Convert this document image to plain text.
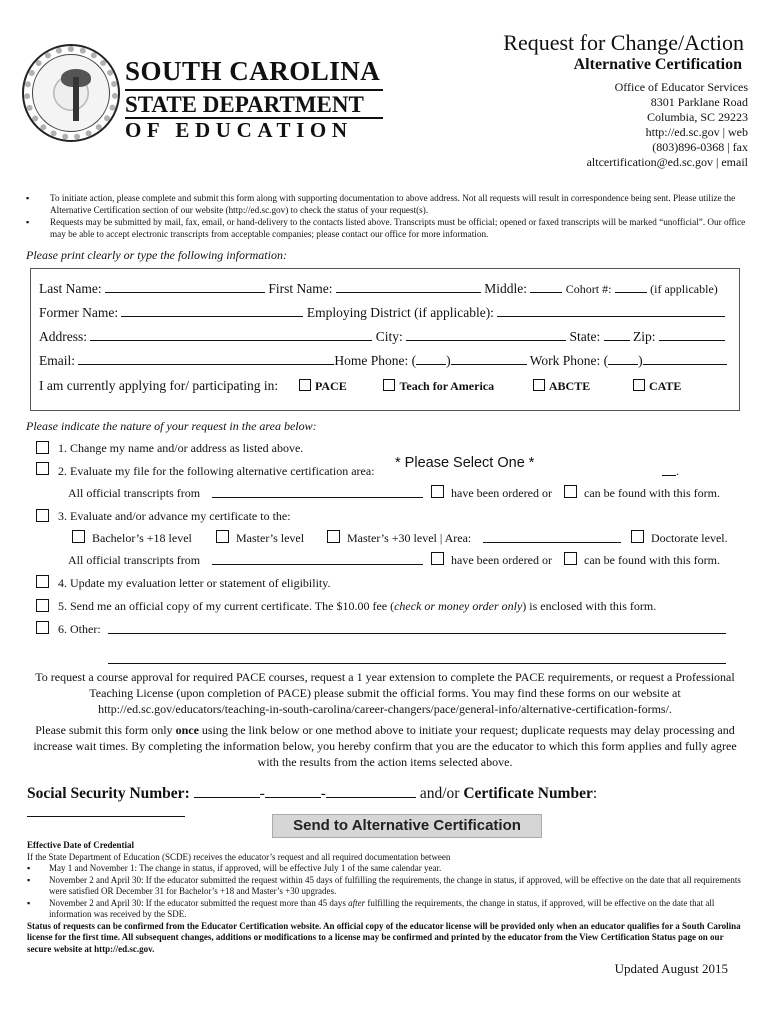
SOUTH CAROLINA
STATE DEPARTMENT
OF EDUCATION
Request for Change/Action
Alternative Certification
Office of Educator Services
8301 Parklane Road
Columbia, SC 29223
http://ed.sc.gov | web
(803)896-0368 | fax
altcertification@ed.sc.gov | email
▪ To initiate action, please complete and submit this form along with supporting documentation to above address. Not all requests will result in correspondence being sent. Please utilize the Alternative Certification section of our website (http://ed.sc.gov) to check the status of your request(s).
▪ Requests may be submitted by mail, fax, email, or hand-delivery to the contacts listed above. Transcripts must be official; opened or faxed transcripts will be marked “unofficial”. Our office may be able to accept electronic transcripts from acceptable companies; please contact our office for more information.
Please print clearly or type the following information:
Last Name:	First Name:	Middle:	Cohort #:	(if applicable)
Former Name:	Employing District (if applicable):
Address:	City:	State: Zip:
Email:	Home Phone: ( )	Work Phone: ( )
I am currently applying for/ participating in:	PACE	Teach for America	ABCTE	CATE
Please indicate the nature of your request in the area below:
1. Change my name and/or address as listed above.
2. Evaluate my file for the following alternative certification area: * Please Select One *	.
All official transcripts from	have been ordered or	can be found with this form.
3. Evaluate and/or advance my certificate to the:
Bachelor’s +18 level	Master’s level	Master’s +30 level | Area:	Doctorate level.
All official transcripts from	have been ordered or	can be found with this form.
4. Update my evaluation letter or statement of eligibility.
5. Send me an official copy of my current certificate. The $10.00 fee (check or money order only) is enclosed with this form.
6. Other:
To request a course approval for required PACE courses, request a 1 year extension to complete the PACE requirements, or request a Professional Teaching License (upon completion of PACE) please submit the official forms. You may find these forms on our website at http://ed.sc.gov/educators/teaching-in-south-carolina/career-changers/pace/general-info/alternative-certification-forms/.
Please submit this form only once using the link below or one method above to initiate your request; duplicate requests may delay processing and increase wait times. By completing the information below, you hereby confirm that you are the educator to which this form applies and fully agree with the results from the action items selected above.
Social Security Number:	-	-	and/or Certificate Number:
Send to Alternative Certification
Effective Date of Credential
If the State Department of Education (SCDE) receives the educator’s request and all required documentation between
▪ May 1 and November 1: The change in status, if approved, will be effective July 1 of the same calendar year.
▪ November 2 and April 30: If the educator submitted the request within 45 days of fulfilling the requirements, the change in status, if approved, will be effective on the date that all requirements were satisfied OR December 31 for Bachelor’s +18 and Master’s +30 upgrades.
▪ November 2 and April 30: If the educator submitted the request more than 45 days after fulfilling the requirements, the change in status, if approved, will be effective on the date that all information was received by the SDE.
Status of requests can be confirmed from the Educator Certification website. An official copy of the educator license will be provided only when an educator qualifies for a South Carolina license for the first time. All subsequent changes, additions or modifications to a license may be confirmed and printed by the educator from the View Certification Status page on our secure website at http://ed.sc.gov.
Updated August 2015
